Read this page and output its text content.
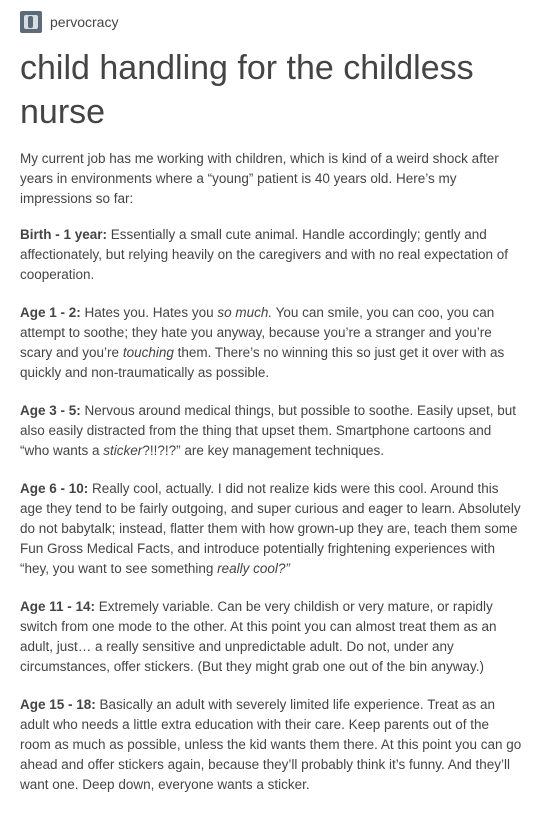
pervocracy
child handling for the childless nurse

My current job has me working with children, which is kind of a weird shock after years in environments where a “young” patient is 40 years old. Here’s my impressions so far:

Birth - 1 year: Essentially a small cute animal. Handle accordingly; gently and affectionately, but relying heavily on the caregivers and with no real expectation of cooperation.

Age 1 - 2: Hates you. Hates you so much. You can smile, you can coo, you can attempt to soothe; they hate you anyway, because you’re a stranger and you’re scary and you’re touching them. There’s no winning this so just get it over with as quickly and non-traumatically as possible.

Age 3 - 5: Nervous around medical things, but possible to soothe. Easily upset, but also easily distracted from the thing that upset them. Smartphone cartoons and “who wants a sticker?!!?!?” are key management techniques.

Age 6 - 10: Really cool, actually. I did not realize kids were this cool. Around this age they tend to be fairly outgoing, and super curious and eager to learn. Absolutely do not babytalk; instead, flatter them with how grown-up they are, teach them some Fun Gross Medical Facts, and introduce potentially frightening experiences with “hey, you want to see something really cool?”

Age 11 - 14: Extremely variable. Can be very childish or very mature, or rapidly switch from one mode to the other. At this point you can almost treat them as an adult, just… a really sensitive and unpredictable adult. Do not, under any circumstances, offer stickers. (But they might grab one out of the bin anyway.)

Age 15 - 18: Basically an adult with severely limited life experience. Treat as an adult who needs a little extra education with their care. Keep parents out of the room as much as possible, unless the kid wants them there. At this point you can go ahead and offer stickers again, because they’ll probably think it’s funny. And they’ll want one. Deep down, everyone wants a sticker.
